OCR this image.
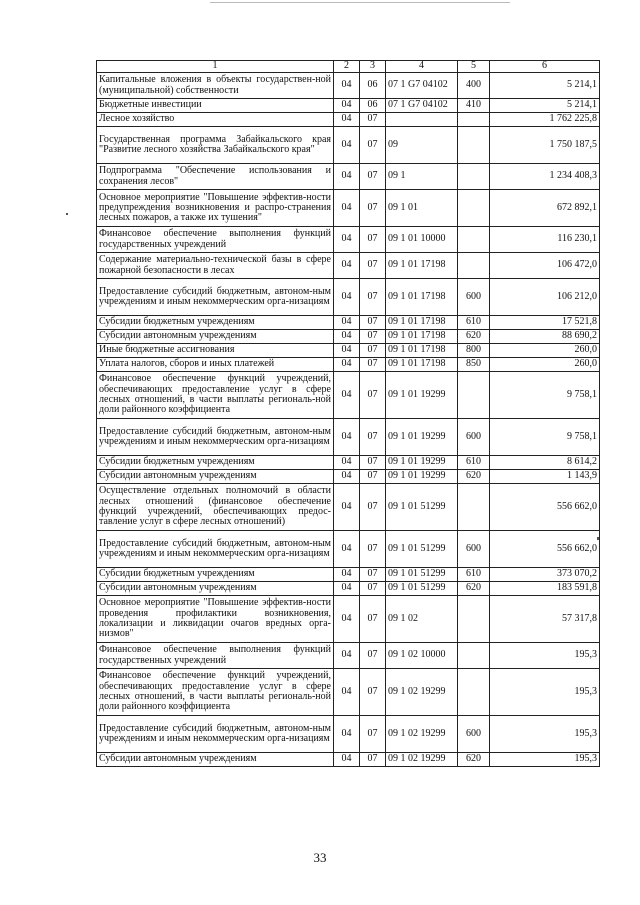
1	2	3	4	5	6
Капитальные вложения в объекты государствен-ной (муниципальной) собственности	04	06	07 1 G7 04102	400	5 214,1
Бюджетные инвестиции	04	06	07 1 G7 04102	410	5 214,1
Лесное хозяйство	04	07			1 762 225,8
Государственная программа Забайкальского края "Развитие лесного хозяйства Забайкальского края"	04	07	09		1 750 187,5
Подпрограмма "Обеспечение использования и сохранения лесов"	04	07	09 1		1 234 408,3
Основное мероприятие "Повышение эффектив-ности предупреждения возникновения и распро-странения лесных пожаров, а также их тушения"	04	07	09 1 01		672 892,1
Финансовое обеспечение выполнения функций государственных учреждений	04	07	09 1 01 10000		116 230,1
Содержание материально-технической базы в сфере пожарной безопасности в лесах	04	07	09 1 01 17198		106 472,0
Предоставление субсидий бюджетным, автоном-ным учреждениям и иным некоммерческим орга-низациям	04	07	09 1 01 17198	600	106 212,0
Субсидии бюджетным учреждениям	04	07	09 1 01 17198	610	17 521,8
Субсидии автономным учреждениям	04	07	09 1 01 17198	620	88 690,2
Иные бюджетные ассигнования	04	07	09 1 01 17198	800	260,0
Уплата налогов, сборов и иных платежей	04	07	09 1 01 17198	850	260,0
Финансовое обеспечение функций учреждений, обеспечивающих предоставление услуг в сфере лесных отношений, в части выплаты региональ-ной доли районного коэффициента	04	07	09 1 01 19299		9 758,1
Предоставление субсидий бюджетным, автоном-ным учреждениям и иным некоммерческим орга-низациям	04	07	09 1 01 19299	600	9 758,1
Субсидии бюджетным учреждениям	04	07	09 1 01 19299	610	8 614,2
Субсидии автономным учреждениям	04	07	09 1 01 19299	620	1 143,9
Осуществление отдельных полномочий в области лесных отношений (финансовое обеспечение функций учреждений, обеспечивающих предос-тавление услуг в сфере лесных отношений)	04	07	09 1 01 51299		556 662,0
Предоставление субсидий бюджетным, автоном-ным учреждениям и иным некоммерческим орга-низациям	04	07	09 1 01 51299	600	556 662,0
Субсидии бюджетным учреждениям	04	07	09 1 01 51299	610	373 070,2
Субсидии автономным учреждениям	04	07	09 1 01 51299	620	183 591,8
Основное мероприятие "Повышение эффектив-ности проведения профилактики возникновения, локализации и ликвидации очагов вредных орга-низмов"	04	07	09 1 02		57 317,8
Финансовое обеспечение выполнения функций государственных учреждений	04	07	09 1 02 10000		195,3
Финансовое обеспечение функций учреждений, обеспечивающих предоставление услуг в сфере лесных отношений, в части выплаты региональ-ной доли районного коэффициента	04	07	09 1 02 19299		195,3
Предоставление субсидий бюджетным, автоном-ным учреждениям и иным некоммерческим орга-низациям	04	07	09 1 02 19299	600	195,3
Субсидии автономным учреждениям	04	07	09 1 02 19299	620	195,3
33
